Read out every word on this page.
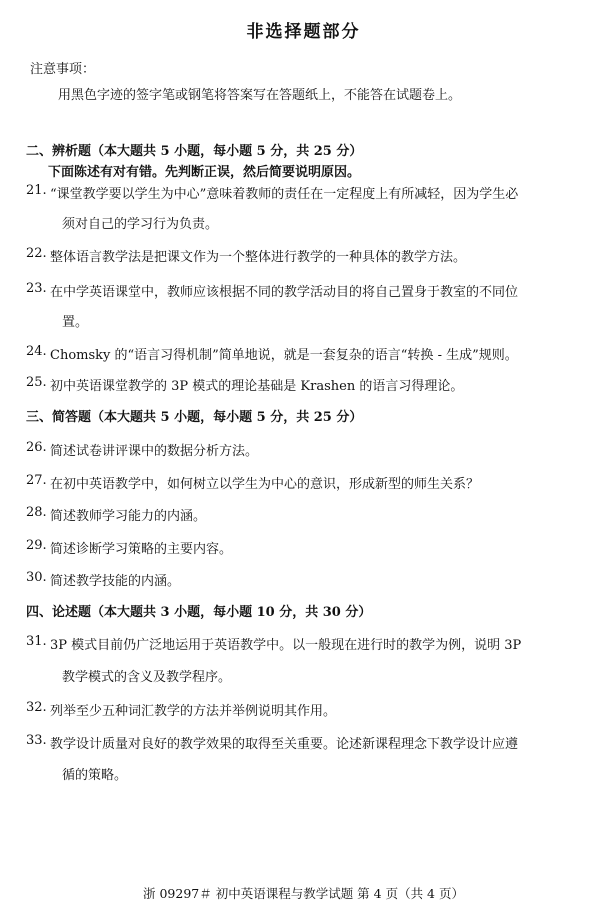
非选择题部分
注意事项：
用黑色字迹的签字笔或钢笔将答案写在答题纸上，不能答在试题卷上。
二、辨析题（本大题共 5 小题，每小题 5 分，共 25 分）
下面陈述有对有错。先判断正误，然后简要说明原因。
21. “课堂教学要以学生为中心”意味着教师的责任在一定程度上有所减轻，因为学生必
须对自己的学习行为负责。
22. 整体语言教学法是把课文作为一个整体进行教学的一种具体的教学方法。
23. 在中学英语课堂中，教师应该根据不同的教学活动目的将自己置身于教室的不同位
置。
24. Chomsky 的“语言习得机制”简单地说，就是一套复杂的语言“转换 - 生成”规则。
25. 初中英语课堂教学的 3P 模式的理论基础是 Krashen 的语言习得理论。
三、简答题（本大题共 5 小题，每小题 5 分，共 25 分）
26. 简述试卷讲评课中的数据分析方法。
27. 在初中英语教学中，如何树立以学生为中心的意识，形成新型的师生关系？
28. 简述教师学习能力的内涵。
29. 简述诊断学习策略的主要内容。
30. 简述教学技能的内涵。
四、论述题（本大题共 3 小题，每小题 10 分，共 30 分）
31. 3P 模式目前仍广泛地运用于英语教学中。以一般现在进行时的教学为例，说明 3P
教学模式的含义及教学程序。
32. 列举至少五种词汇教学的方法并举例说明其作用。
33. 教学设计质量对良好的教学效果的取得至关重要。论述新课程理念下教学设计应遵
循的策略。
浙 09297＃ 初中英语课程与教学试题 第 4 页（共 4 页）
